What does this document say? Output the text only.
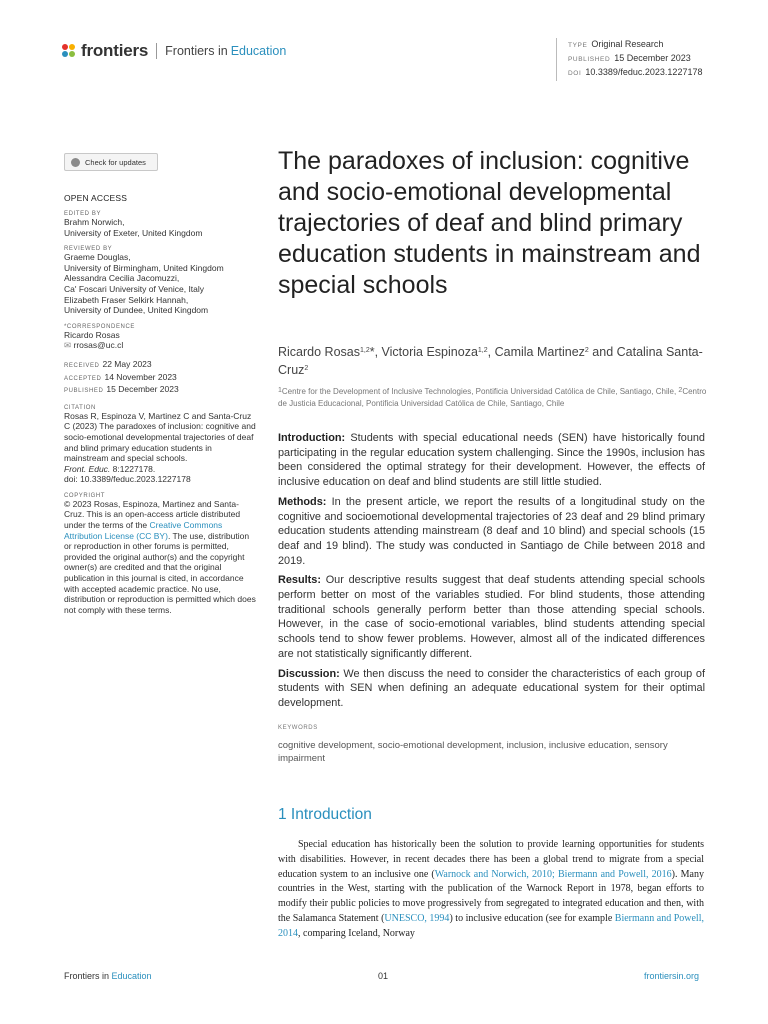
frontiers Frontiers in Education	TYPE Original Research
PUBLISHED 15 December 2023
DOI 10.3389/feduc.2023.1227178
Check for updates
OPEN ACCESS
EDITED BY
Brahm Norwich,
University of Exeter, United Kingdom
REVIEWED BY
Graeme Douglas,
University of Birmingham, United Kingdom
Alessandra Cecilia Jacomuzzi,
Ca' Foscari University of Venice, Italy
Elizabeth Fraser Selkirk Hannah,
University of Dundee, United Kingdom
*CORRESPONDENCE
Ricardo Rosas
✉ rrosas@uc.cl
RECEIVED 22 May 2023
ACCEPTED 14 November 2023
PUBLISHED 15 December 2023
CITATION
Rosas R, Espinoza V, Martinez C and Santa-Cruz C (2023) The paradoxes of inclusion: cognitive and socio-emotional developmental trajectories of deaf and blind primary education students in mainstream and special schools.
Front. Educ. 8:1227178.
doi: 10.3389/feduc.2023.1227178
COPYRIGHT
© 2023 Rosas, Espinoza, Martinez and Santa-Cruz. This is an open-access article distributed under the terms of the Creative Commons Attribution License (CC BY). The use, distribution or reproduction in other forums is permitted, provided the original author(s) and the copyright owner(s) are credited and that the original publication in this journal is cited, in accordance with accepted academic practice. No use, distribution or reproduction is permitted which does not comply with these terms.
The paradoxes of inclusion: cognitive and socio-emotional developmental trajectories of deaf and blind primary education students in mainstream and special schools
Ricardo Rosas$^{1,2}$*, Victoria Espinoza$^{1,2}$, Camila Martinez$^2$ and Catalina Santa-Cruz$^2$
$^1$Centre for the Development of Inclusive Technologies, Pontificia Universidad Católica de Chile, Santiago, Chile, $^2$Centro de Justicia Educacional, Pontificia Universidad Católica de Chile, Santiago, Chile

Introduction: Students with special educational needs (SEN) have historically found participating in the regular education system challenging. Since the 1990s, inclusion has been considered the optimal strategy for their development. However, the effects of inclusive education on deaf and blind students are still little studied.

Methods: In the present article, we report the results of a longitudinal study on the cognitive and socioemotional developmental trajectories of 23 deaf and 29 blind primary education students attending mainstream (8 deaf and 10 blind) and special schools (15 deaf and 19 blind). The study was conducted in Santiago de Chile between 2018 and 2019.

Results: Our descriptive results suggest that deaf students attending special schools perform better on most of the variables studied. For blind students, those attending traditional schools generally perform better than those attending special schools. However, in the case of socio-emotional variables, blind students attending special schools tend to show fewer problems. However, almost all of the indicated differences are not statistically significantly different.

Discussion: We then discuss the need to consider the characteristics of each group of students with SEN when defining an adequate educational system for their optimal development.

KEYWORDS
cognitive development, socio-emotional development, inclusion, inclusive education, sensory impairment
1 Introduction
Special education has historically been the solution to provide learning opportunities for students with disabilities. However, in recent decades there has been a global trend to migrate from a special education system to an inclusive one (Warnock and Norwich, 2010; Biermann and Powell, 2016). Many countries in the West, starting with the publication of the Warnock Report in 1978, began efforts to modify their public policies to move progressively from segregated to integrated education and then, with the Salamanca Statement (UNESCO, 1994) to inclusive education (see for example Biermann and Powell, 2014, comparing Iceland, Norway
Frontiers in Education	01	frontiersin.org
